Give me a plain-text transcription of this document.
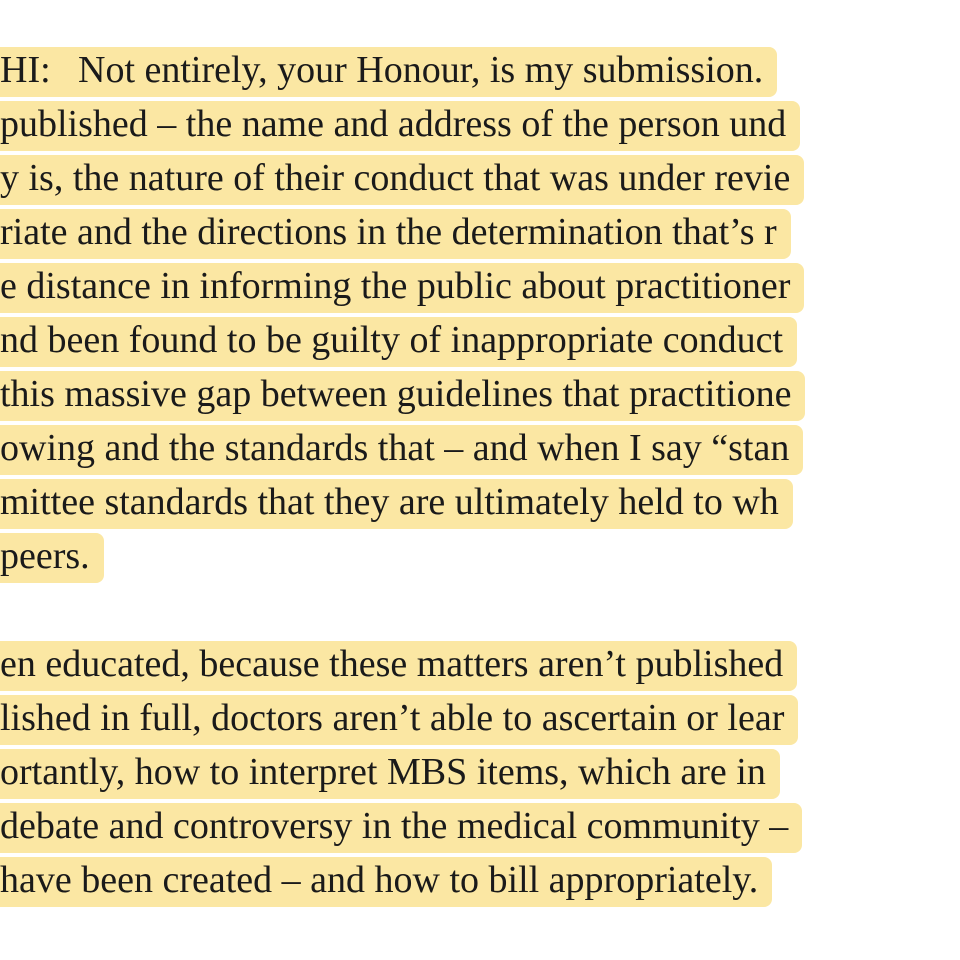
HI: Not entirely, your Honour, is my submission.
published – the name and address of the person und
y is, the nature of their conduct that was under revie
riate and the directions in the determination that’s r
e distance in informing the public about practitioner
nd been found to be guilty of inappropriate conduct
this massive gap between guidelines that practitione
owing and the standards that – and when I say “stan
mittee standards that they are ultimately held to wh
peers.
en educated, because these matters aren’t published
lished in full, doctors aren’t able to ascertain or lear
ortantly, how to interpret MBS items, which are in
debate and controversy in the medical community –
have been created – and how to bill appropriately.
